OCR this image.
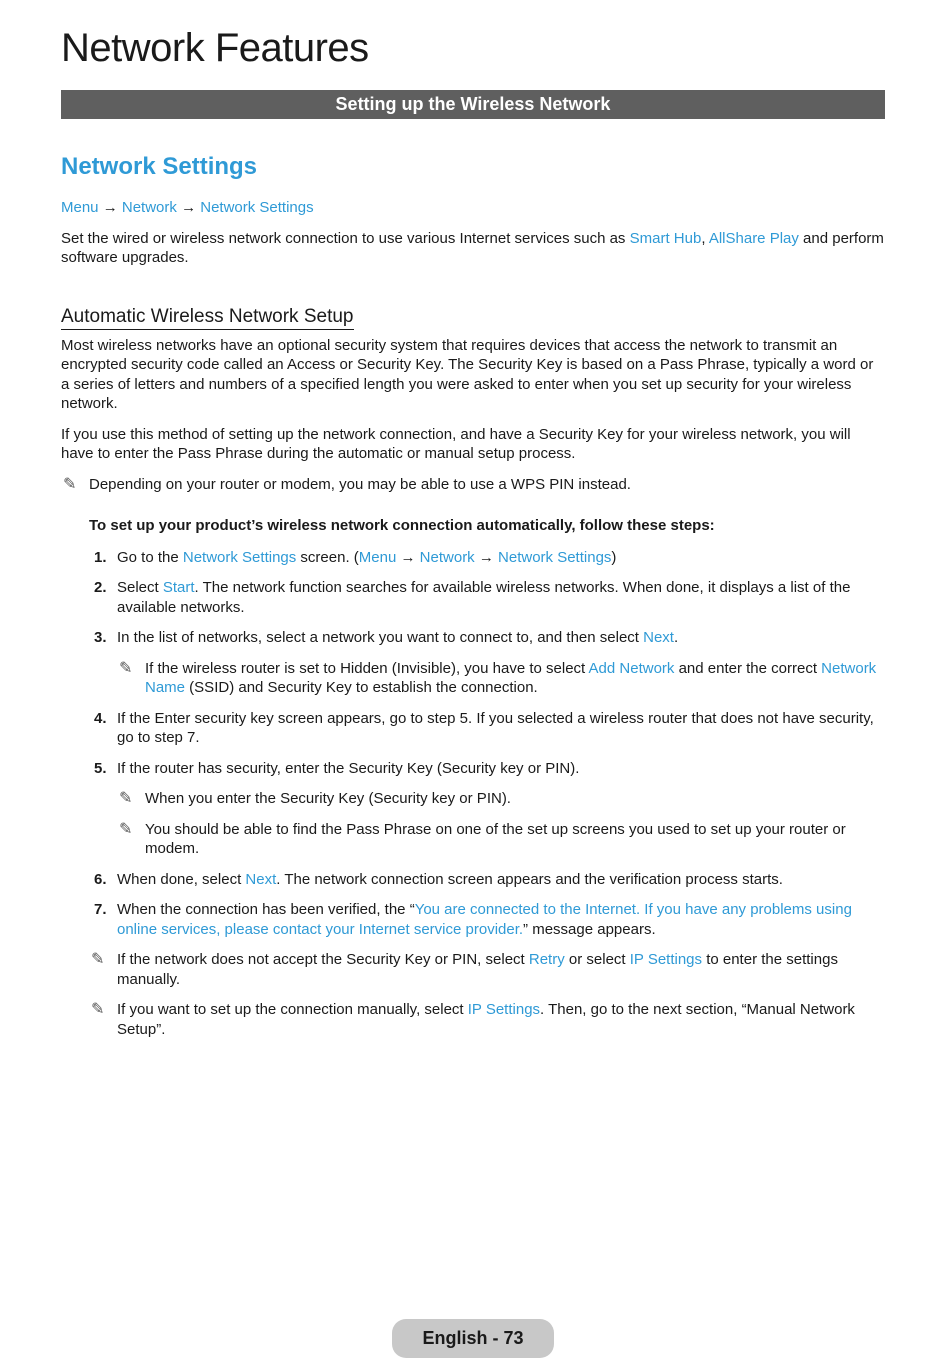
Network Features
Setting up the Wireless Network
Network Settings
Menu → Network → Network Settings

Set the wired or wireless network connection to use various Internet services such as Smart Hub, AllShare Play and perform software upgrades.

Automatic Wireless Network Setup

Most wireless networks have an optional security system that requires devices that access the network to transmit an encrypted security code called an Access or Security Key. The Security Key is based on a Pass Phrase, typically a word or a series of letters and numbers of a specified length you were asked to enter when you set up security for your wireless network.

If you use this method of setting up the network connection, and have a Security Key for your wireless network, you will have to enter the Pass Phrase during the automatic or manual setup process.

✎ Depending on your router or modem, you may be able to use a WPS PIN instead.
To set up your product’s wireless network connection automatically, follow these steps:
1. Go to the Network Settings screen. (Menu → Network → Network Settings)
2. Select Start. The network function searches for available wireless networks. When done, it displays a list of the available networks.
3. In the list of networks, select a network you want to connect to, and then select Next.
✎ If the wireless router is set to Hidden (Invisible), you have to select Add Network and enter the correct Network Name (SSID) and Security Key to establish the connection.
4. If the Enter security key screen appears, go to step 5. If you selected a wireless router that does not have security, go to step 7.
5. If the router has security, enter the Security Key (Security key or PIN).
✎ When you enter the Security Key (Security key or PIN).
✎ You should be able to find the Pass Phrase on one of the set up screens you used to set up your router or modem.
6. When done, select Next. The network connection screen appears and the verification process starts.
7. When the connection has been verified, the “You are connected to the Internet. If you have any problems using online services, please contact your Internet service provider.” message appears.
✎ If the network does not accept the Security Key or PIN, select Retry or select IP Settings to enter the settings manually.
✎ If you want to set up the connection manually, select IP Settings. Then, go to the next section, “Manual Network Setup”.
English - 73
